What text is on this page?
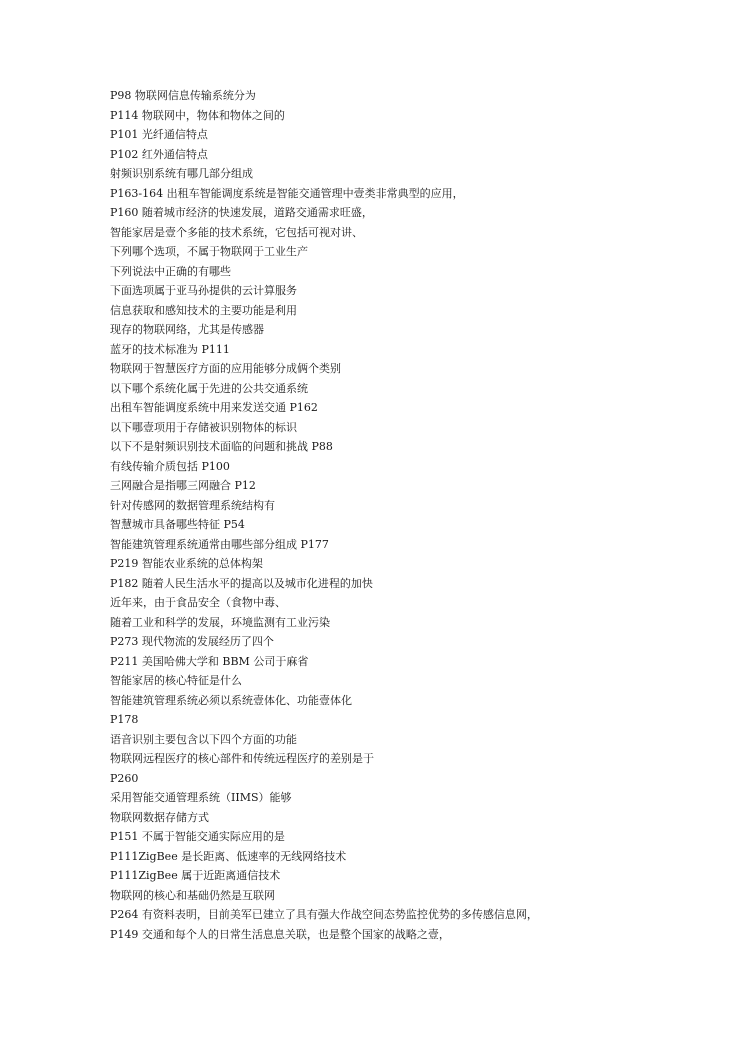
P98 物联网信息传输系统分为
P114 物联网中，物体和物体之间的
P101 光纤通信特点
P102 红外通信特点
射频识别系统有哪几部分组成
P163-164 出租车智能调度系统是智能交通管理中壹类非常典型的应用，
P160 随着城市经济的快速发展，道路交通需求旺盛，
智能家居是壹个多能的技术系统，它包括可视对讲、
下列哪个选项，不属于物联网于工业生产
下列说法中正确的有哪些
下面选项属于亚马孙提供的云计算服务
信息获取和感知技术的主要功能是利用
现存的物联网络，尤其是传感器
蓝牙的技术标准为 P111
物联网于智慧医疗方面的应用能够分成俩个类别
以下哪个系统化属于先进的公共交通系统
出租车智能调度系统中用来发送交通 P162
以下哪壹项用于存储被识别物体的标识
以下不是射频识别技术面临的问题和挑战 P88
有线传输介质包括 P100
三网融合是指哪三网融合 P12
针对传感网的数据管理系统结构有
智慧城市具备哪些特征 P54
智能建筑管理系统通常由哪些部分组成 P177
P219 智能农业系统的总体构架
P182 随着人民生活水平的提高以及城市化进程的加快
近年来，由于食品安全（食物中毒、
随着工业和科学的发展，环境监测有工业污染
P273 现代物流的发展经历了四个
P211 美国哈佛大学和 BBM 公司于麻省
智能家居的核心特征是什么
智能建筑管理系统必须以系统壹体化、功能壹体化
P178
语音识别主要包含以下四个方面的功能
物联网远程医疗的核心部件和传统远程医疗的差别是于
P260
采用智能交通管理系统（IIMS）能够
物联网数据存储方式
P151 不属于智能交通实际应用的是
P111ZigBee 是长距离、低速率的无线网络技术
P111ZigBee 属于近距离通信技术
物联网的核心和基础仍然是互联网
P264 有资料表明，目前美军已建立了具有强大作战空间态势监控优势的多传感信息网，
P149 交通和每个人的日常生活息息关联，也是整个国家的战略之壹，
